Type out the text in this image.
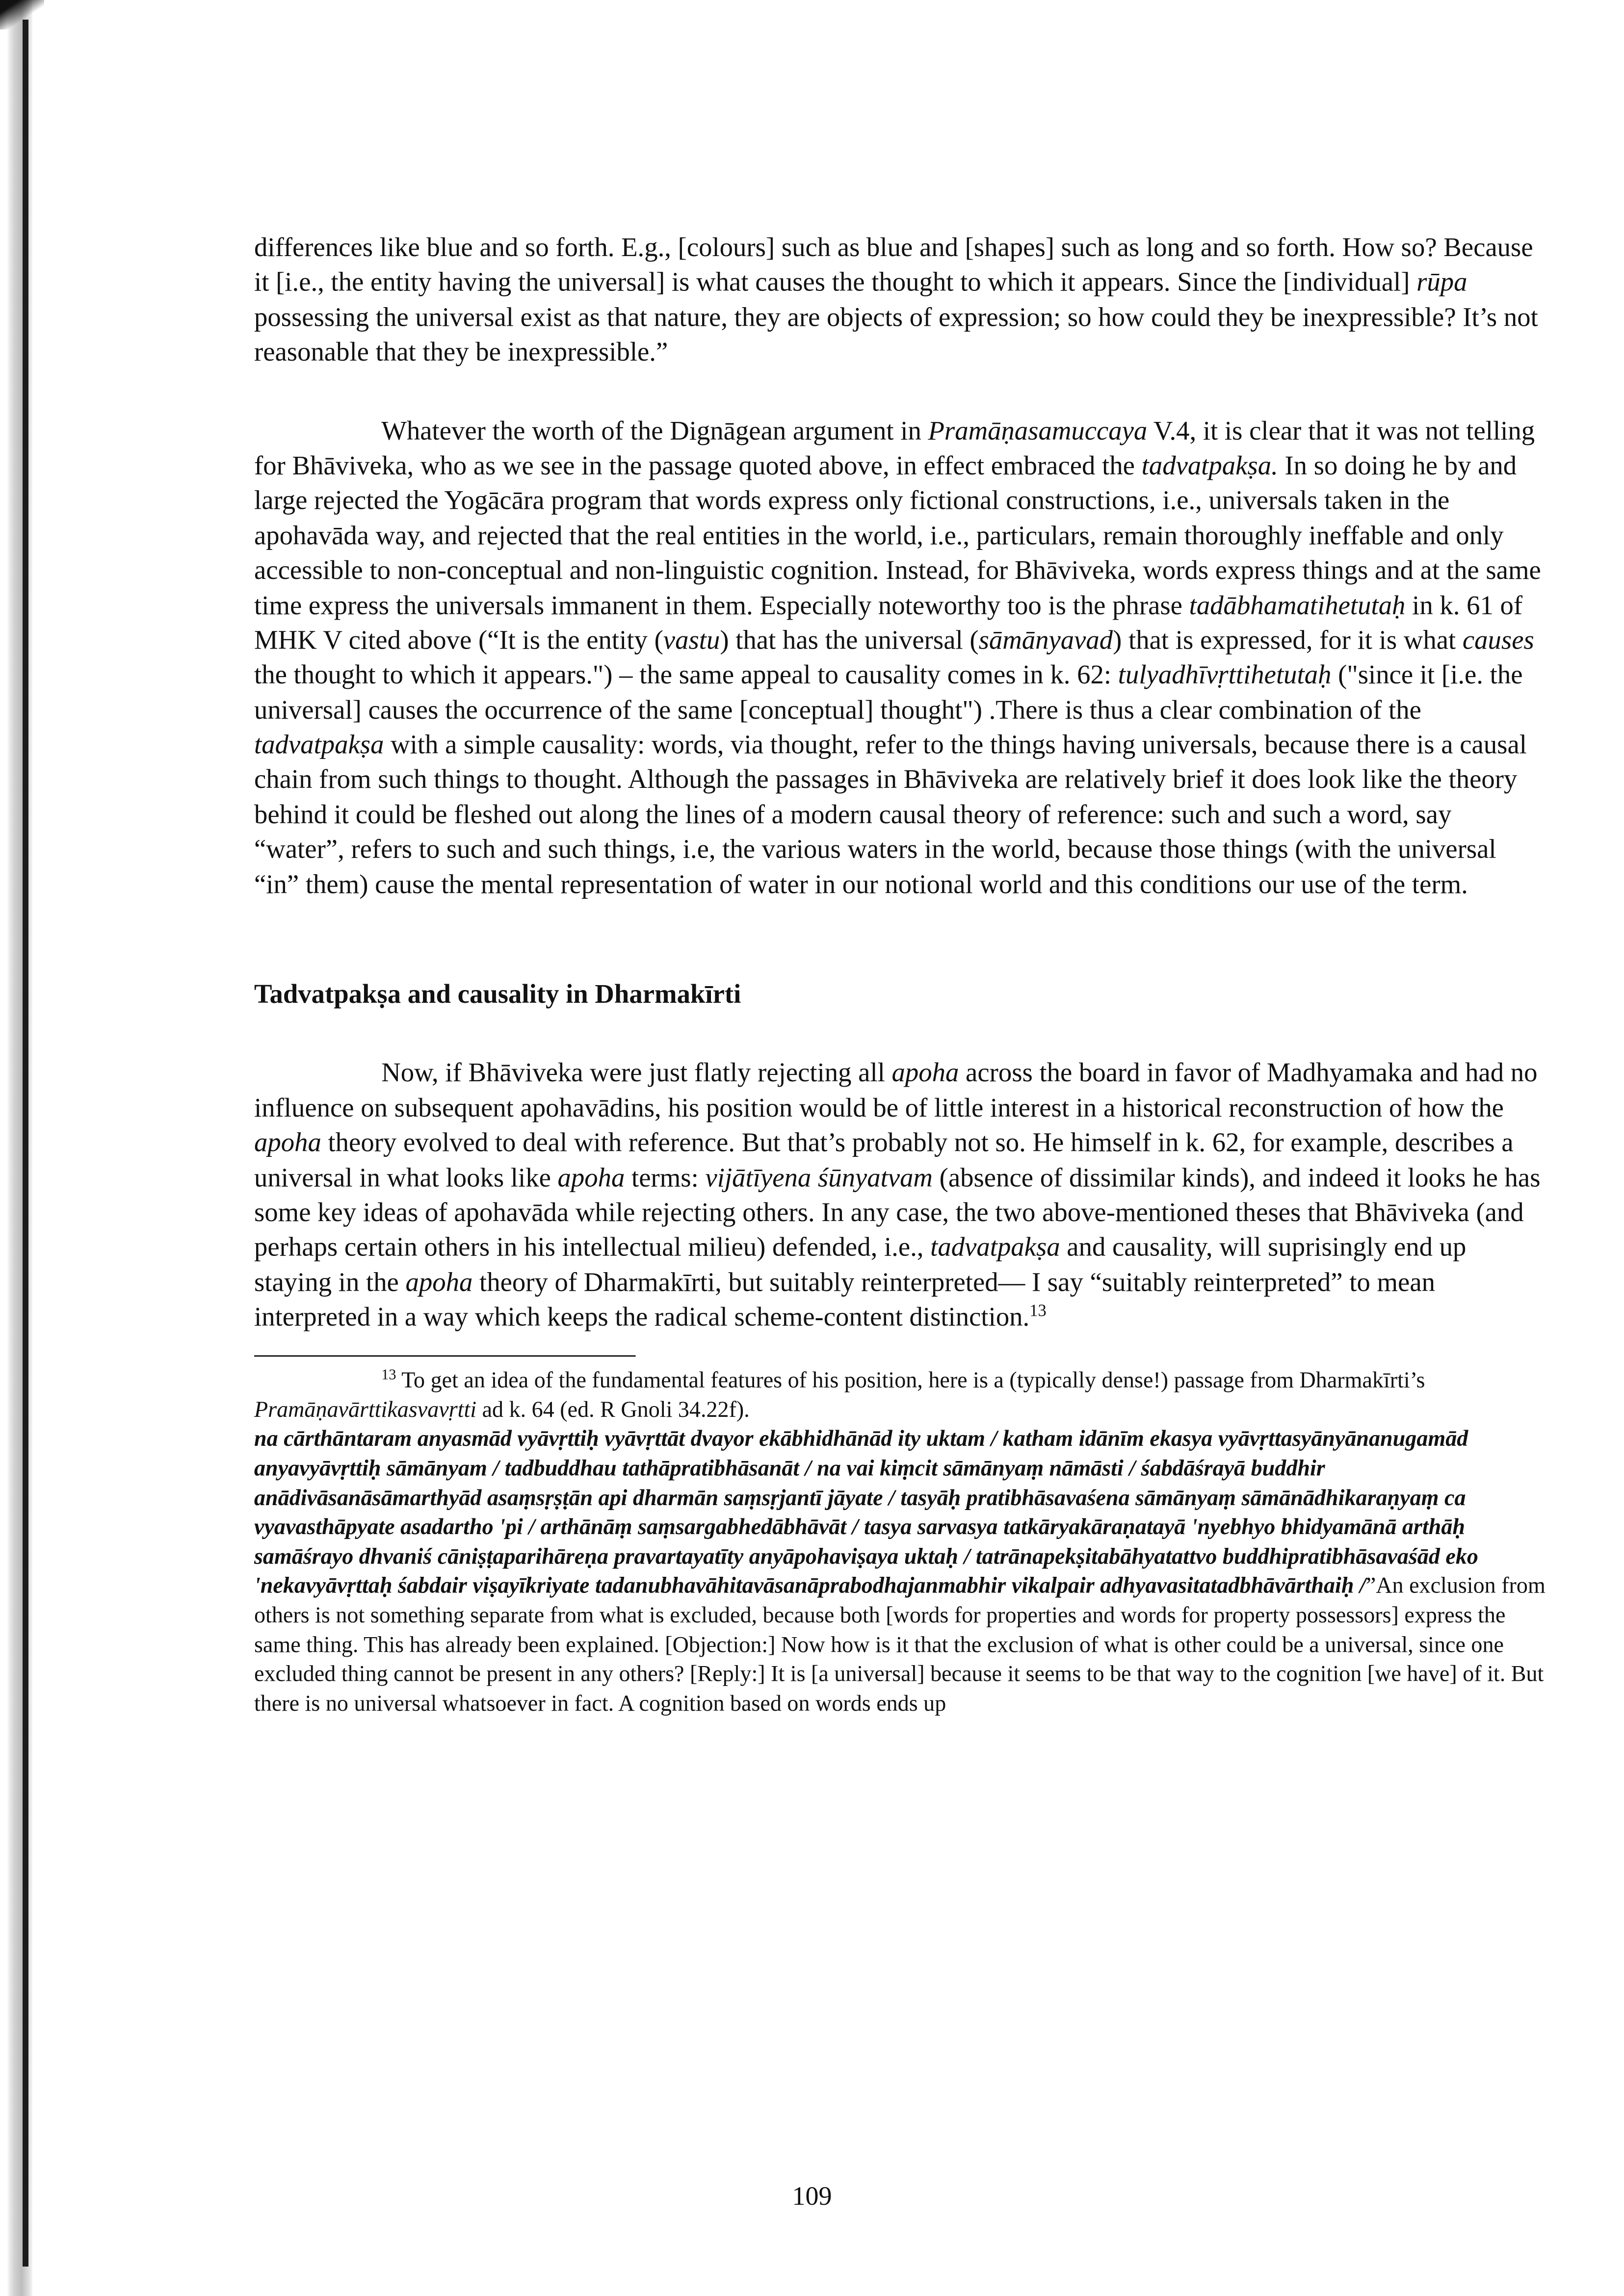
differences like blue and so forth. E.g., [colours] such as blue and [shapes] such as long and so forth. How so? Because it [i.e., the entity having the universal] is what causes the thought to which it appears. Since the [individual] rūpa possessing the universal exist as that nature, they are objects of expression; so how could they be inexpressible? It’s not reasonable that they be inexpressible.”

Whatever the worth of the Dignāgean argument in Pramāṇasamuccaya V.4, it is clear that it was not telling for Bhāviveka, who as we see in the passage quoted above, in effect embraced the tadvatpakṣa. In so doing he by and large rejected the Yogācāra program that words express only fictional constructions, i.e., universals taken in the apohavāda way, and rejected that the real entities in the world, i.e., particulars, remain thoroughly ineffable and only accessible to non-conceptual and non-linguistic cognition. Instead, for Bhāviveka, words express things and at the same time express the universals immanent in them. Especially noteworthy too is the phrase tadābhamatihetutaḥ in k. 61 of MHK V cited above (“It is the entity (vastu) that has the universal (sāmānyavad) that is expressed, for it is what causes the thought to which it appears.") – the same appeal to causality comes in k. 62: tulyadhīvṛttihetutaḥ ("since it [i.e. the universal] causes the occurrence of the same [conceptual] thought") .There is thus a clear combination of the tadvatpakṣa with a simple causality: words, via thought, refer to the things having universals, because there is a causal chain from such things to thought. Although the passages in Bhāviveka are relatively brief it does look like the theory behind it could be fleshed out along the lines of a modern causal theory of reference: such and such a word, say “water”, refers to such and such things, i.e, the various waters in the world, because those things (with the universal “in” them) cause the mental representation of water in our notional world and this conditions our use of the term.

Tadvatpakṣa and causality in Dharmakīrti

Now, if Bhāviveka were just flatly rejecting all apoha across the board in favor of Madhyamaka and had no influence on subsequent apohavādins, his position would be of little interest in a historical reconstruction of how the apoha theory evolved to deal with reference. But that’s probably not so. He himself in k. 62, for example, describes a universal in what looks like apoha terms: vijātīyena śūnyatvam (absence of dissimilar kinds), and indeed it looks he has some key ideas of apohavāda while rejecting others. In any case, the two above-mentioned theses that Bhāviveka (and perhaps certain others in his intellectual milieu) defended, i.e., tadvatpakṣa and causality, will suprisingly end up staying in the apoha theory of Dharmakīrti, but suitably reinterpreted— I say “suitably reinterpreted” to mean interpreted in a way which keeps the radical scheme-content distinction.$^{13}$

$^{13}$ To get an idea of the fundamental features of his position, here is a (typically dense!) passage from Dharmakīrti’s Pramāṇavārttikasvavṛtti ad k. 64 (ed. R Gnoli 34.22f).
na cārthāntaram anyasmād vyāvṛttiḥ vyāvṛttāt dvayor ekābhidhānād ity uktam / katham idānīm ekasya vyāvṛttasyānyānanugamād anyavyāvṛttiḥ sāmānyam / tadbuddhau tathāpratibhāsanāt / na vai kiṃcit sāmānyaṃ nāmāsti / śabdāśrayā buddhir anādivāsanāsāmarthyād asaṃsṛṣṭān api dharmān saṃsṛjantī jāyate / tasyāḥ pratibhāsavaśena sāmānyaṃ sāmānādhikaraṇyaṃ ca vyavasthāpyate asadartho 'pi / arthānāṃ saṃsargabhedābhāvāt / tasya sarvasya tatkāryakāraṇatayā 'nyebhyo bhidyamānā arthāḥ samāśrayo dhvaniś cāniṣṭaparihāreṇa pravartayatīty anyāpohaviṣaya uktaḥ / tatrānapekṣitabāhyatattvo buddhipratibhāsavaśād eko 'nekavyāvṛttaḥ śabdair viṣayīkriyate tadanubhavāhitavāsanāprabodhajanmabhir vikalpair adhyavasitatadbhāvārthaiḥ /”An exclusion from others is not something separate from what is excluded, because both [words for properties and words for property possessors] express the same thing. This has already been explained. [Objection:] Now how is it that the exclusion of what is other could be a universal, since one excluded thing cannot be present in any others? [Reply:] It is [a universal] because it seems to be that way to the cognition [we have] of it. But there is no universal whatsoever in fact. A cognition based on words ends up

109
